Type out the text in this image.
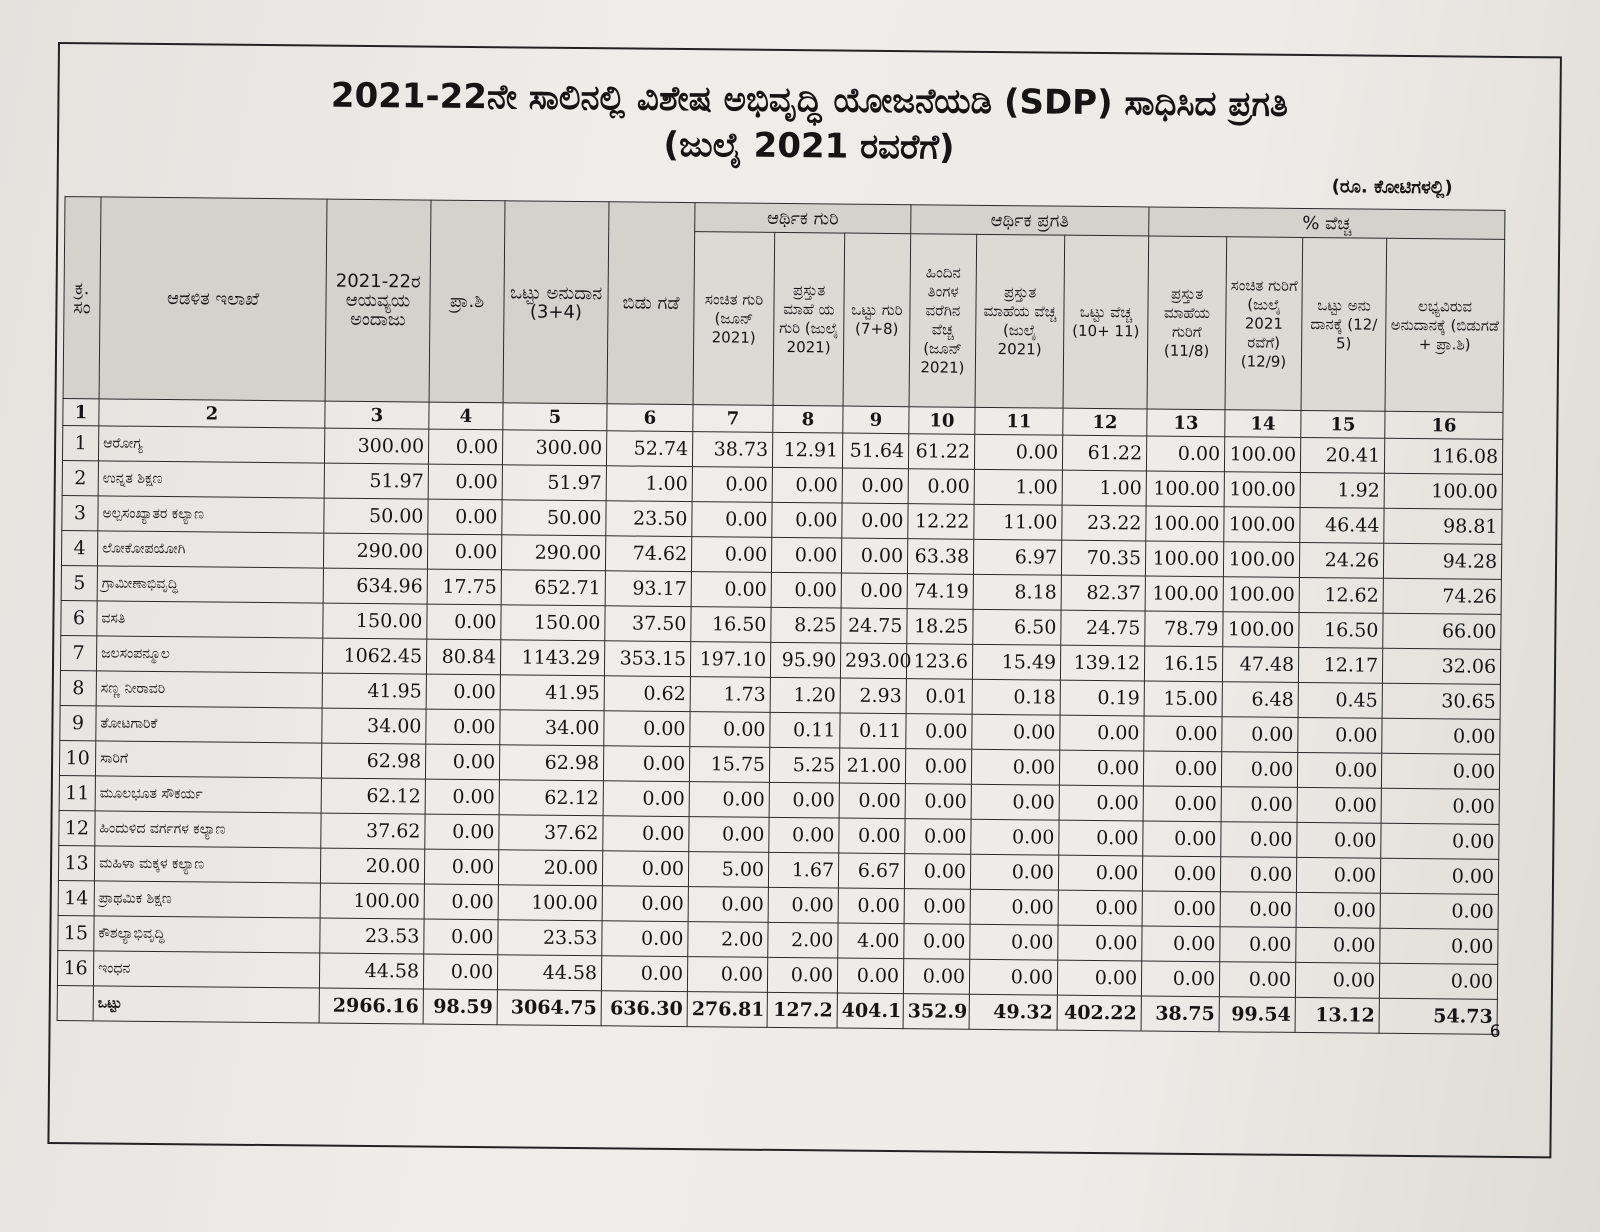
2021-22ನೇ ಸಾಲಿನಲ್ಲಿ ವಿಶೇಷ ಅಭಿವೃದ್ಧಿ ಯೋಜನೆಯಡಿ (SDP) ಸಾಧಿಸಿದ ಪ್ರಗತಿ
(ಜುಲೈ 2021 ರವರೆಗೆ)
(ರೂ. ಕೋಟಿಗಳಲ್ಲಿ)
ಕ್ರ. ಸಂ	ಆಡಳಿತ ಇಲಾಖೆ	2021-22ರ ಆಯವ್ಯಯ ಅಂದಾಜು	ಪ್ರಾ.ಶಿ	ಒಟ್ಟು ಅನುದಾನ (3+4)	ಬಿಡು ಗಡೆ	ಆರ್ಥಿಕ ಗುರಿ			ಆರ್ಥಿಕ ಪ್ರಗತಿ			% ವೆಚ್ಚ			
						ಸಂಚಿತ ಗುರಿ (ಜೂನ್ 2021)	ಪ್ರಸ್ತುತ ಮಾಹೆ ಯ ಗುರಿ (ಜುಲೈ 2021)	ಒಟ್ಟು ಗುರಿ (7+8)	ಹಿಂದಿನ ತಿಂಗಳ ವರೆಗಿನ ವೆಚ್ಚ (ಜೂನ್ 2021)	ಪ್ರಸ್ತುತ ಮಾಹೆಯ ವೆಚ್ಚ (ಜುಲೈ 2021)	ಒಟ್ಟು ವೆಚ್ಚ (10+ 11)	ಪ್ರಸ್ತುತ ಮಾಹೆಯ ಗುರಿಗೆ (11/8)	ಸಂಚಿತ ಗುರಿಗೆ (ಜುಲೈ 2021 ರವೆಗೆ) (12/9)	ಒಟ್ಟು ಅನು ದಾನಕ್ಕೆ (12/ 5)	ಲಭ್ಯವಿರುವ ಅನುದಾನಕ್ಕೆ (ಬಿಡುಗಡೆ + ಪ್ರಾ.ಶಿ)
1	2	3	4	5	6	7	8	9	10	11	12	13	14	15	16
1	ಆರೋಗ್ಯ	300.00	0.00	300.00	52.74	38.73	12.91	51.64	61.22	0.00	61.22	0.00	100.00	20.41	116.08
2	ಉನ್ನತ ಶಿಕ್ಷಣ	51.97	0.00	51.97	1.00	0.00	0.00	0.00	0.00	1.00	1.00	100.00	100.00	1.92	100.00
3	ಅಲ್ಪಸಂಖ್ಯಾತರ ಕಲ್ಯಾಣ	50.00	0.00	50.00	23.50	0.00	0.00	0.00	12.22	11.00	23.22	100.00	100.00	46.44	98.81
4	ಲೋಕೋಪಯೋಗಿ	290.00	0.00	290.00	74.62	0.00	0.00	0.00	63.38	6.97	70.35	100.00	100.00	24.26	94.28
5	ಗ್ರಾಮೀಣಾಭಿವೃದ್ಧಿ	634.96	17.75	652.71	93.17	0.00	0.00	0.00	74.19	8.18	82.37	100.00	100.00	12.62	74.26
6	ವಸತಿ	150.00	0.00	150.00	37.50	16.50	8.25	24.75	18.25	6.50	24.75	78.79	100.00	16.50	66.00
7	ಜಲಸಂಪನ್ಮೂಲ	1062.45	80.84	1143.29	353.15	197.10	95.90	293.00	123.6	15.49	139.12	16.15	47.48	12.17	32.06
8	ಸಣ್ಣ ನೀರಾವರಿ	41.95	0.00	41.95	0.62	1.73	1.20	2.93	0.01	0.18	0.19	15.00	6.48	0.45	30.65
9	ತೋಟಗಾರಿಕೆ	34.00	0.00	34.00	0.00	0.00	0.11	0.11	0.00	0.00	0.00	0.00	0.00	0.00	0.00
10	ಸಾರಿಗೆ	62.98	0.00	62.98	0.00	15.75	5.25	21.00	0.00	0.00	0.00	0.00	0.00	0.00	0.00
11	ಮೂಲಭೂತ ಸೌಕರ್ಯ	62.12	0.00	62.12	0.00	0.00	0.00	0.00	0.00	0.00	0.00	0.00	0.00	0.00	0.00
12	ಹಿಂದುಳಿದ ವರ್ಗಗಳ ಕಲ್ಯಾಣ	37.62	0.00	37.62	0.00	0.00	0.00	0.00	0.00	0.00	0.00	0.00	0.00	0.00	0.00
13	ಮಹಿಳಾ ಮಕ್ಕಳ ಕಲ್ಯಾಣ	20.00	0.00	20.00	0.00	5.00	1.67	6.67	0.00	0.00	0.00	0.00	0.00	0.00	0.00
14	ಪ್ರಾಥಮಿಕ ಶಿಕ್ಷಣ	100.00	0.00	100.00	0.00	0.00	0.00	0.00	0.00	0.00	0.00	0.00	0.00	0.00	0.00
15	ಕೌಶಲ್ಯಾಭಿವೃದ್ಧಿ	23.53	0.00	23.53	0.00	2.00	2.00	4.00	0.00	0.00	0.00	0.00	0.00	0.00	0.00
16	ಇಂಧನ	44.58	0.00	44.58	0.00	0.00	0.00	0.00	0.00	0.00	0.00	0.00	0.00	0.00	0.00
	ಒಟ್ಟು	2966.16	98.59	3064.75	636.30	276.81	127.2	404.1	352.9	49.32	402.22	38.75	99.54	13.12	54.73
6
